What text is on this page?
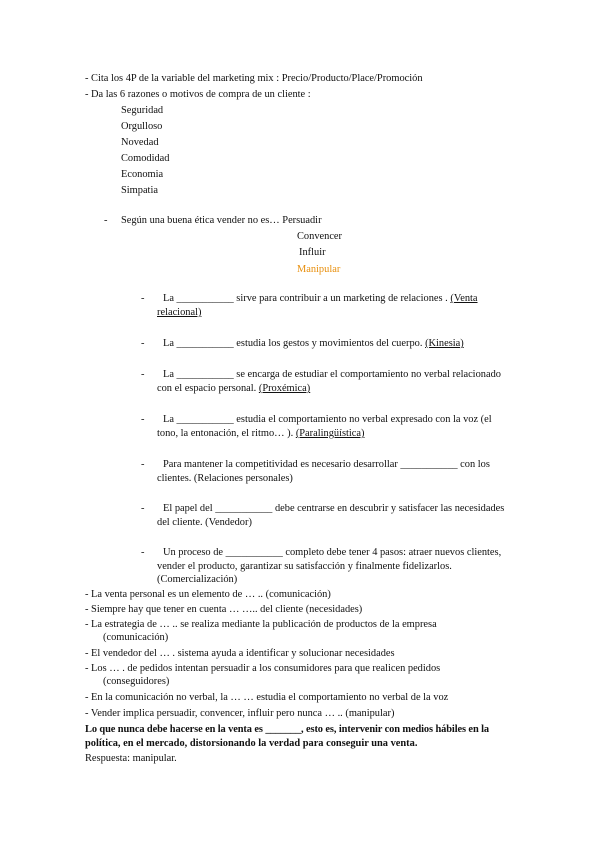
- Cita los 4P de la variable del marketing mix : Precio/Producto/Place/Promoción
- Da las 6 razones o motivos de compra de un cliente :
Seguridad
Orgulloso
Novedad
Comodidad
Economia
Simpatia
- Según una buena ética vender no es… Persuadir
Convencer
Influir
Manipular
- La ___________ sirve para contribuir a un marketing de relaciones . (Venta
relacional)
- La ___________ estudia los gestos y movimientos del cuerpo. (Kinesia)
- La ___________ se encarga de estudiar el comportamiento no verbal relacionado
con el espacio personal. (Proxémica)
- La ___________ estudia el comportamiento no verbal expresado con la voz (el
tono, la entonación, el ritmo… ). (Paralingüística)
- Para mantener la competitividad es necesario desarrollar ___________ con los
clientes. (Relaciones personales)
- El papel del ___________ debe centrarse en descubrir y satisfacer las necesidades
del cliente. (Vendedor)
- Un proceso de ___________ completo debe tener 4 pasos: atraer nuevos clientes,
vender el producto, garantizar su satisfacción y finalmente fidelizarlos.
(Comercialización)
- La venta personal es un elemento de … .. (comunicación)
- Siempre hay que tener en cuenta … ….. del cliente (necesidades)
- La estrategia de … .. se realiza mediante la publicación de productos de la empresa
(comunicación)
- El vendedor del … . sistema ayuda a identificar y solucionar necesidades
- Los … . de pedidos intentan persuadir a los consumidores para que realicen pedidos
(conseguidores)
- En la comunicación no verbal, la … … estudia el comportamiento no verbal de la voz
- Vender implica persuadir, convencer, influir pero nunca … .. (manipular)
Lo que nunca debe hacerse en la venta es _______, esto es, intervenir con medios hábiles en la
política, en el mercado, distorsionando la verdad para conseguir una venta.
Respuesta: manipular.
